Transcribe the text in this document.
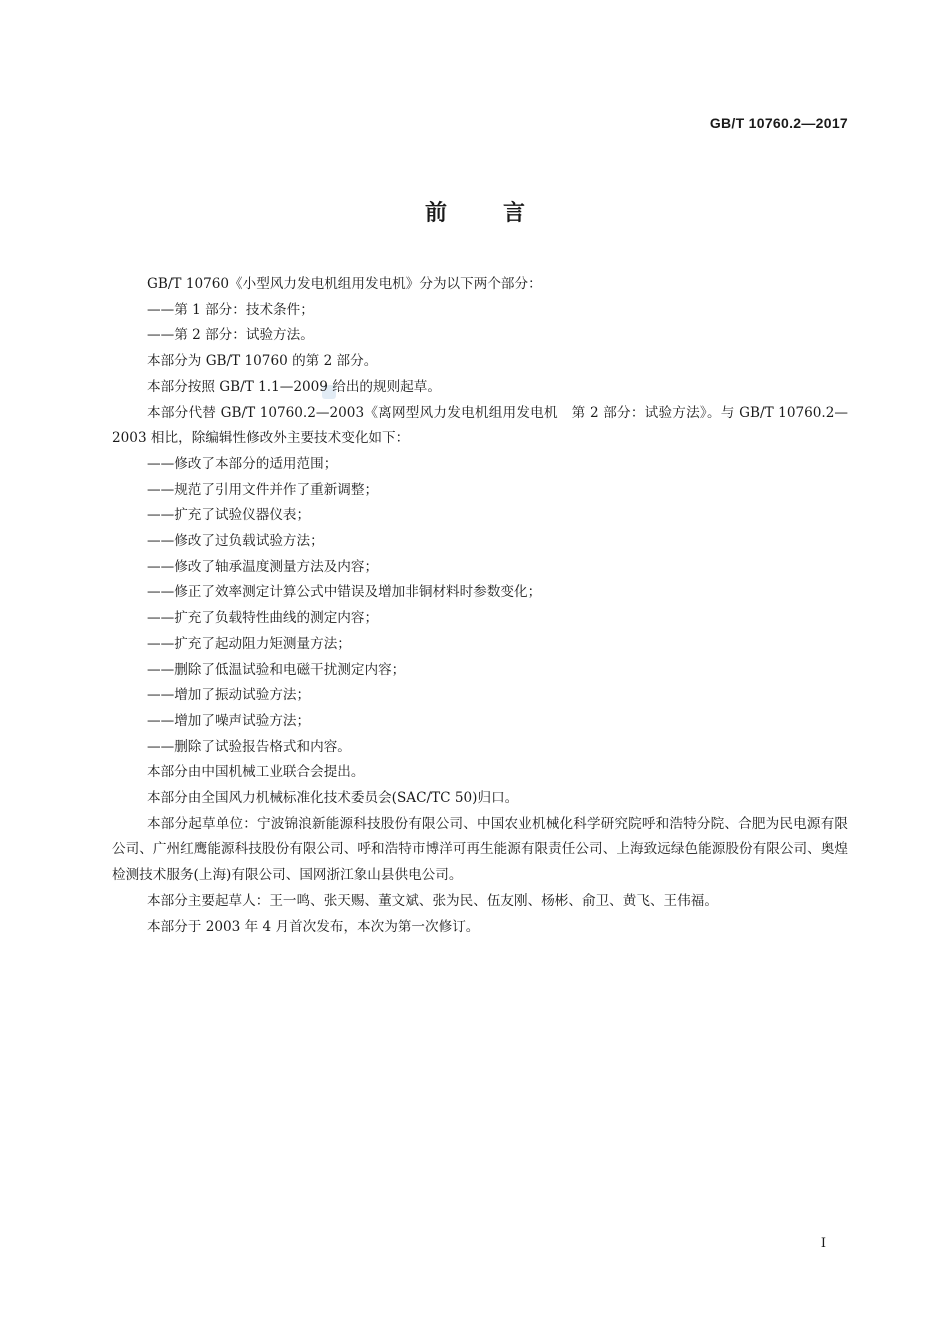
GB/T 10760.2—2017
前言

GB/T 10760《小型风力发电机组用发电机》分为以下两个部分：

——第 1 部分：技术条件；

——第 2 部分：试验方法。

本部分为 GB/T 10760 的第 2 部分。

本部分按照 GB/T 1.1—2009 给出的规则起草。

本部分代替 GB/T 10760.2—2003《离网型风力发电机组用发电机　第 2 部分：试验方法》。与 GB/T 10760.2—2003 相比，除编辑性修改外主要技术变化如下：

——修改了本部分的适用范围；

——规范了引用文件并作了重新调整；

——扩充了试验仪器仪表；

——修改了过负载试验方法；

——修改了轴承温度测量方法及内容；

——修正了效率测定计算公式中错误及增加非铜材料时参数变化；

——扩充了负载特性曲线的测定内容；

——扩充了起动阻力矩测量方法；

——删除了低温试验和电磁干扰测定内容；

——增加了振动试验方法；

——增加了噪声试验方法；

——删除了试验报告格式和内容。

本部分由中国机械工业联合会提出。

本部分由全国风力机械标准化技术委员会(SAC/TC 50)归口。

本部分起草单位：宁波锦浪新能源科技股份有限公司、中国农业机械化科学研究院呼和浩特分院、合肥为民电源有限公司、广州红鹰能源科技股份有限公司、呼和浩特市博洋可再生能源有限责任公司、上海致远绿色能源股份有限公司、奥煌检测技术服务(上海)有限公司、国网浙江象山县供电公司。

本部分主要起草人：王一鸣、张天赐、董文斌、张为民、伍友刚、杨彬、俞卫、黄飞、王伟福。

本部分于 2003 年 4 月首次发布，本次为第一次修订。

I
